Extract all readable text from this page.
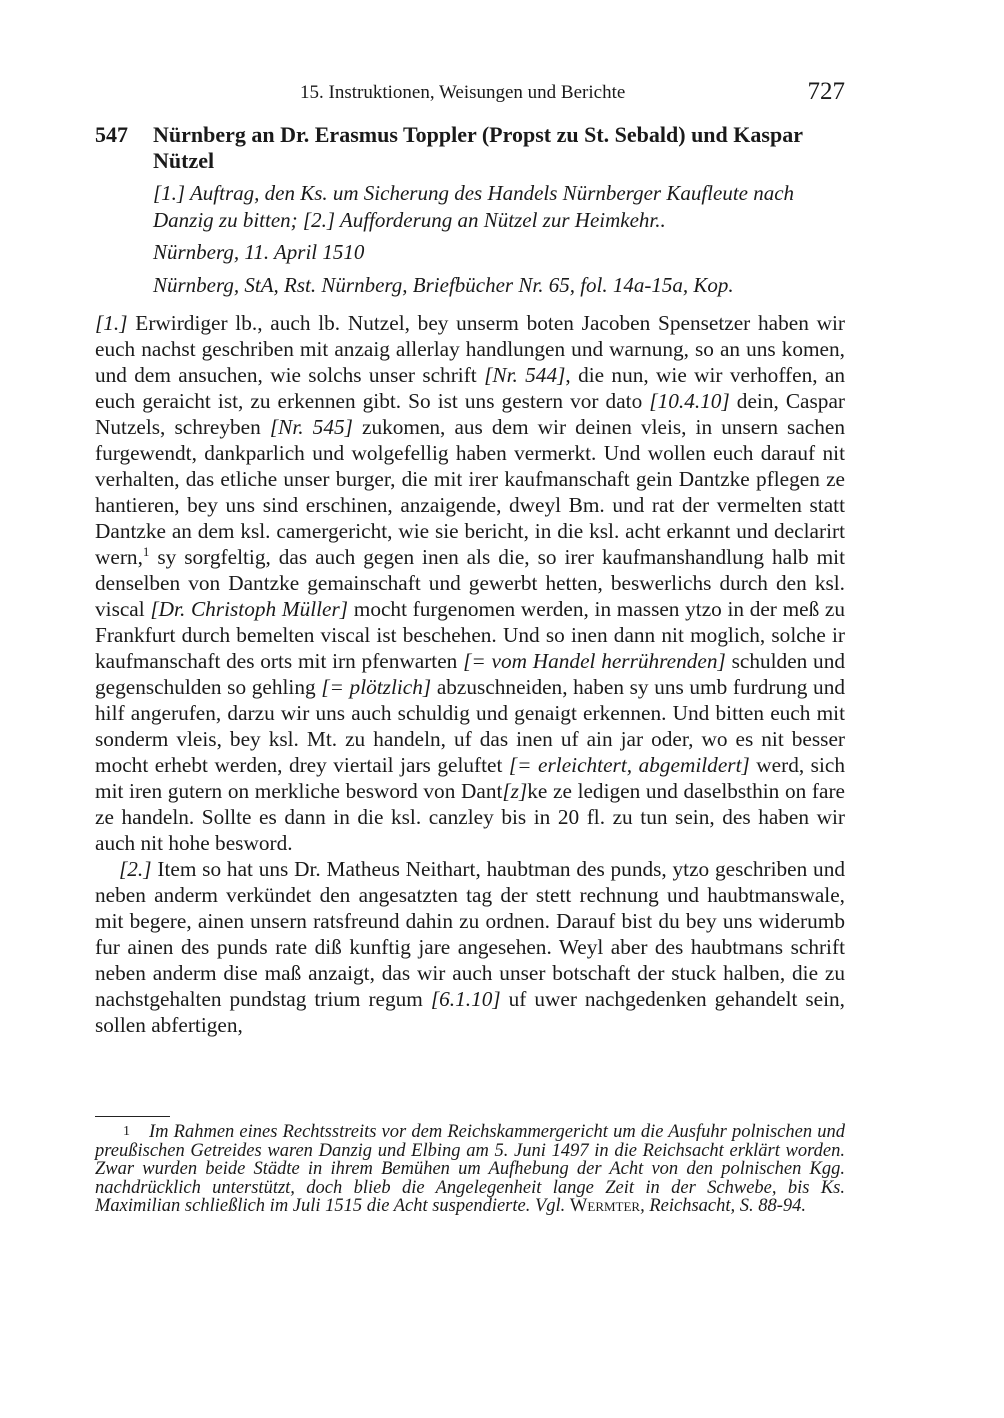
15. Instruktionen, Weisungen und Berichte	727
547 Nürnberg an Dr. Erasmus Toppler (Propst zu St. Sebald) und Kaspar Nützel
[1.] Auftrag, den Ks. um Sicherung des Handels Nürnberger Kaufleute nach Danzig zu bitten; [2.] Aufforderung an Nützel zur Heimkehr..
Nürnberg, 11. April 1510
Nürnberg, StA, Rst. Nürnberg, Briefbücher Nr. 65, fol. 14a-15a, Kop.

[1.] Erwirdiger lb., auch lb. Nutzel, bey unserm boten Jacoben Spensetzer haben wir euch nachst geschriben mit anzaig allerlay handlungen und warnung, so an uns komen, und dem ansuchen, wie solchs unser schrift [Nr. 544], die nun, wie wir verhoffen, an euch geraicht ist, zu erkennen gibt. So ist uns gestern vor dato [10.4.10] dein, Caspar Nutzels, schreyben [Nr. 545] zukomen, aus dem wir deinen vleis, in unsern sachen furgewendt, dankparlich und wolgefellig haben vermerkt. Und wollen euch darauf nit verhalten, das etliche unser burger, die mit irer kaufmanschaft gein Dantzke pflegen ze hantieren, bey uns sind erschinen, anzaigende, dweyl Bm. und rat der vermelten statt Dantzke an dem ksl. camergericht, wie sie bericht, in die ksl. acht erkannt und declarirt wern,$^1$ sy sorgfeltig, das auch gegen inen als die, so irer kaufmanshandlung halb mit denselben von Dantzke gemainschaft und gewerbt hetten, beswerlichs durch den ksl. viscal [Dr. Christoph Müller] mocht furgenomen werden, in massen ytzo in der meß zu Frankfurt durch bemelten viscal ist beschehen. Und so inen dann nit moglich, solche ir kaufmanschaft des orts mit irn pfenwarten [= vom Handel herrührenden] schulden und gegenschulden so gehling [= plötzlich] abzuschneiden, haben sy uns umb furdrung und hilf angerufen, darzu wir uns auch schuldig und genaigt erkennen. Und bitten euch mit sonderm vleis, bey ksl. Mt. zu handeln, uf das inen uf ain jar oder, wo es nit besser mocht erhebt werden, drey viertail jars geluftet [= erleichtert, abgemildert] werd, sich mit iren gutern on merkliche besword von Dant[z]ke ze ledigen und daselbsthin on fare ze handeln. Sollte es dann in die ksl. canzley bis in 20 fl. zu tun sein, des haben wir auch nit hohe besword.

[2.] Item so hat uns Dr. Matheus Neithart, haubtman des punds, ytzo geschriben und neben anderm verkündet den angesatzten tag der stett rechnung und haubtmanswale, mit begere, ainen unsern ratsfreund dahin zu ordnen. Darauf bist du bey uns widerumb fur ainen des punds rate diß kunftig jare angesehen. Weyl aber des haubtmans schrift neben anderm dise maß anzaigt, das wir auch unser botschaft der stuck halben, die zu nachstgehalten pundstag trium regum [6.1.10] uf uwer nachgedenken gehandelt sein, sollen abfertigen,

1 Im Rahmen eines Rechtsstreits vor dem Reichskammergericht um die Ausfuhr polnischen und preußischen Getreides waren Danzig und Elbing am 5. Juni 1497 in die Reichsacht erklärt worden. Zwar wurden beide Städte in ihrem Bemühen um Aufhebung der Acht von den polnischen Kgg. nachdrücklich unterstützt, doch blieb die Angelegenheit lange Zeit in der Schwebe, bis Ks. Maximilian schließlich im Juli 1515 die Acht suspendierte. Vgl. Wermter, Reichsacht, S. 88-94.
